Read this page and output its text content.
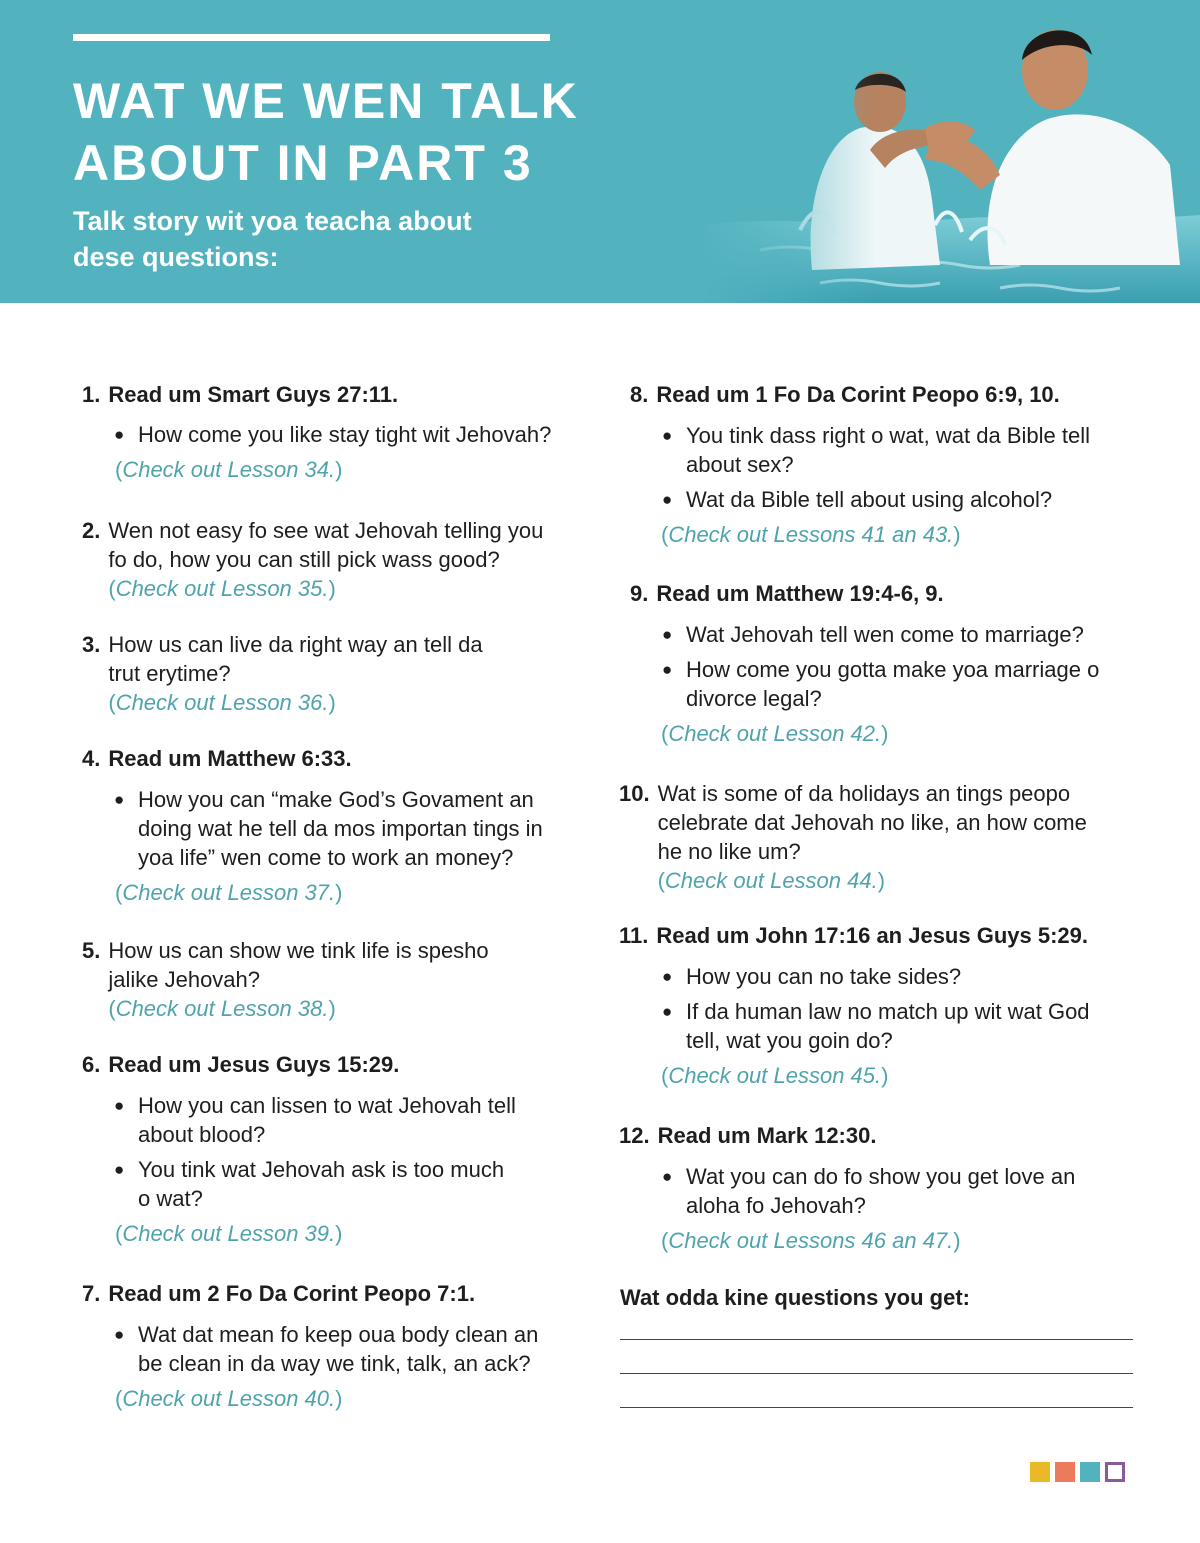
WAT WE WEN TALK
ABOUT IN PART 3
Talk story wit yoa teacha about
dese questions:
1. Read um Smart Guys 27:11.
● How come you like stay tight wit Jehovah?
(Check out Lesson 34.)
2. Wen not easy fo see wat Jehovah telling you
fo do, how you can still pick wass good?
(Check out Lesson 35.)
3. How us can live da right way an tell da
trut erytime?
(Check out Lesson 36.)
4. Read um Matthew 6:33.
● How you can “make God’s Govament an
doing wat he tell da mos importan tings in
yoa life” wen come to work an money?
(Check out Lesson 37.)
5. How us can show we tink life is spesho
jalike Jehovah?
(Check out Lesson 38.)
6. Read um Jesus Guys 15:29.
● How you can lissen to wat Jehovah tell
about blood?
● You tink wat Jehovah ask is too much
o wat?
(Check out Lesson 39.)
7. Read um 2 Fo Da Corint Peopo 7:1.
● Wat dat mean fo keep oua body clean an
be clean in da way we tink, talk, an ack?
(Check out Lesson 40.)
8. Read um 1 Fo Da Corint Peopo 6:9, 10.
● You tink dass right o wat, wat da Bible tell
about sex?
● Wat da Bible tell about using alcohol?
(Check out Lessons 41 an 43.)
9. Read um Matthew 19:4-6, 9.
● Wat Jehovah tell wen come to marriage?
● How come you gotta make yoa marriage o
divorce legal?
(Check out Lesson 42.)
10. Wat is some of da holidays an tings peopo
celebrate dat Jehovah no like, an how come
he no like um?
(Check out Lesson 44.)
11. Read um John 17:16 an Jesus Guys 5:29.
● How you can no take sides?
● If da human law no match up wit wat God
tell, wat you goin do?
(Check out Lesson 45.)
12. Read um Mark 12:30.
● Wat you can do fo show you get love an
aloha fo Jehovah?
(Check out Lessons 46 an 47.)
Wat odda kine questions you get:
